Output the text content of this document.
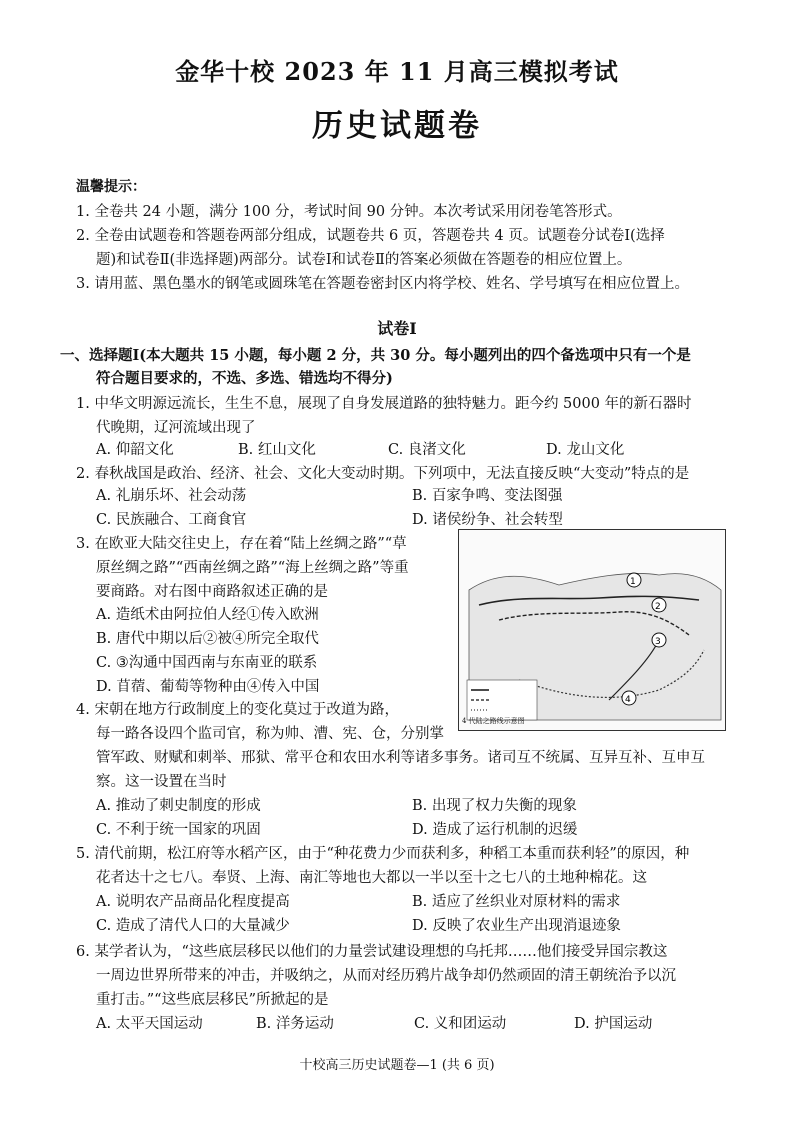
金华十校 2023 年 11 月高三模拟考试
历史试题卷
温馨提示：
1. 全卷共 24 小题，满分 100 分，考试时间 90 分钟。本次考试采用闭卷笔答形式。
2. 全卷由试题卷和答题卷两部分组成，试题卷共 6 页，答题卷共 4 页。试题卷分试卷Ⅰ(选择
题)和试卷Ⅱ(非选择题)两部分。试卷Ⅰ和试卷Ⅱ的答案必须做在答题卷的相应位置上。
3. 请用蓝、黑色墨水的钢笔或圆珠笔在答题卷密封区内将学校、姓名、学号填写在相应位置上。
试卷Ⅰ
一、选择题Ⅰ(本大题共 15 小题，每小题 2 分，共 30 分。每小题列出的四个备选项中只有一个是
符合题目要求的，不选、多选、错选均不得分)
1. 中华文明源远流长，生生不息，展现了自身发展道路的独特魅力。距今约 5000 年的新石器时
代晚期，辽河流域出现了
A. 仰韶文化	B. 红山文化	C. 良渚文化	D. 龙山文化
2. 春秋战国是政治、经济、社会、文化大变动时期。下列项中，无法直接反映“大变动”特点的是
A. 礼崩乐坏、社会动荡	B. 百家争鸣、变法图强
C. 民族融合、工商食官	D. 诸侯纷争、社会转型
3. 在欧亚大陆交往史上，存在着“陆上丝绸之路”“草
原丝绸之路”“西南丝绸之路”“海上丝绸之路”等重
要商路。对右图中商路叙述正确的是
A. 造纸术由阿拉伯人经①传入欧洲
B. 唐代中期以后②被④所完全取代
C. ③沟通中国西南与东南亚的联系
D. 苜蓿、葡萄等物种由④传入中国
1
2
3
4
4 代陆之路线示意图
4. 宋朝在地方行政制度上的变化莫过于改道为路，
每一路各设四个监司官，称为帅、漕、宪、仓，分别掌
管军政、财赋和刺举、邢狱、常平仓和农田水利等诸多事务。诸司互不统属、互异互补、互申互
察。这一设置在当时
A. 推动了刺史制度的形成	B. 出现了权力失衡的现象
C. 不利于统一国家的巩固	D. 造成了运行机制的迟缓
5. 清代前期，松江府等水稻产区，由于“种花费力少而获利多，种稻工本重而获利轻”的原因，种
花者达十之七八。奉贤、上海、南汇等地也大都以一半以至十之七八的土地种棉花。这
A. 说明农产品商品化程度提高	B. 适应了丝织业对原材料的需求
C. 造成了清代人口的大量减少	D. 反映了农业生产出现消退迹象
6. 某学者认为，“这些底层移民以他们的力量尝试建设理想的乌托邦……他们接受异国宗教这
一周边世界所带来的冲击，并吸纳之，从而对经历鸦片战争却仍然顽固的清王朝统治予以沉
重打击。”“这些底层移民”所掀起的是
A. 太平天国运动	B. 洋务运动	C. 义和团运动	D. 护国运动
十校高三历史试题卷—1 (共 6 页)
